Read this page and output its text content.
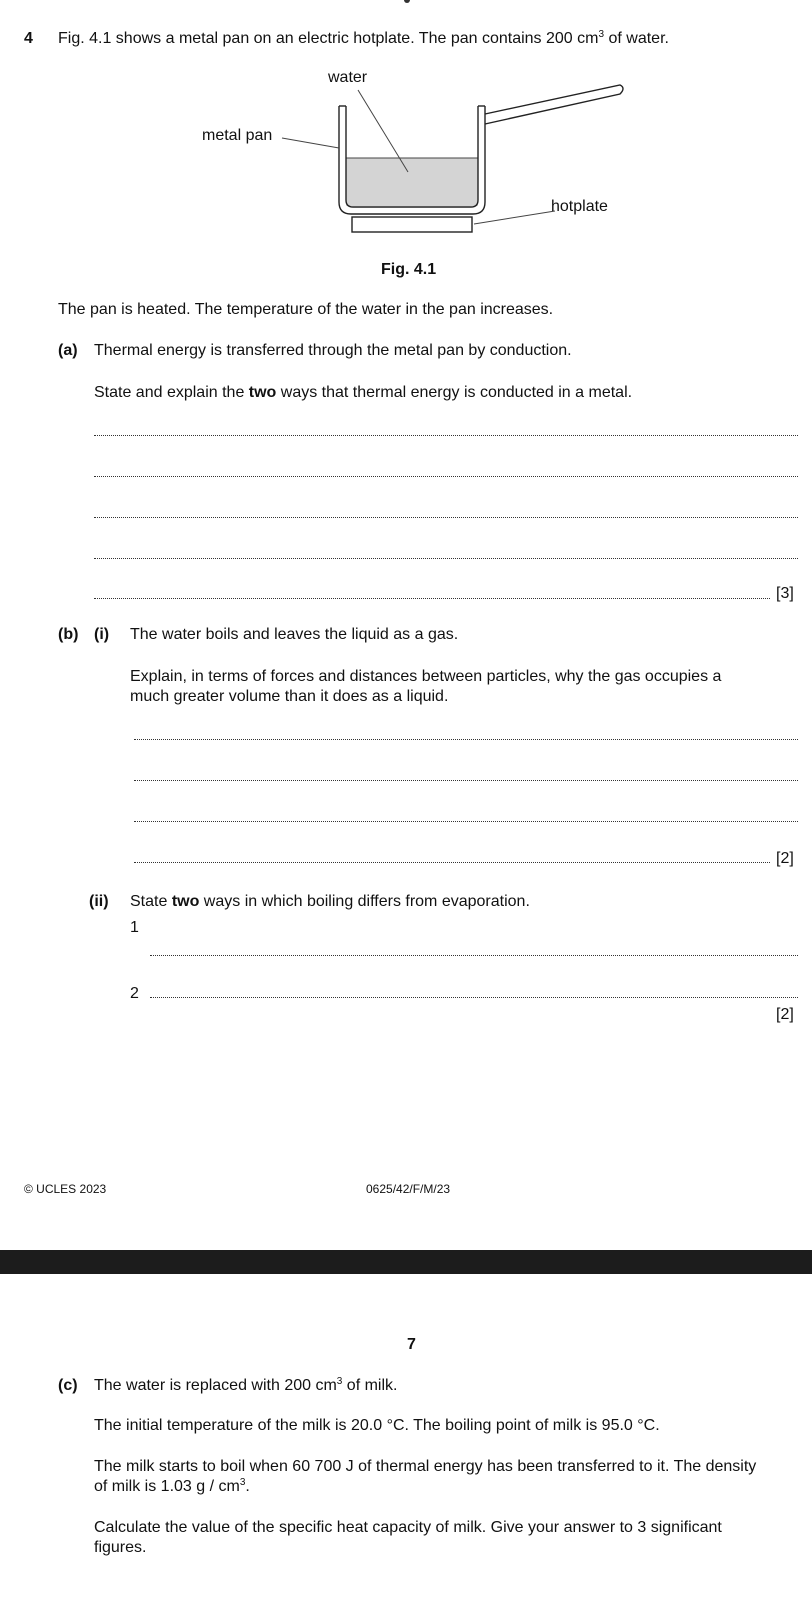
4 Fig. 4.1 shows a metal pan on an electric hotplate. The pan contains 200 $cm^3$ of water.
water
metal pan
hotplate
Fig. 4.1
The pan is heated. The temperature of the water in the pan increases.
(a) Thermal energy is transferred through the metal pan by conduction.
State and explain the two ways that thermal energy is conducted in a metal.
[3]
(b) (i) The water boils and leaves the liquid as a gas.
Explain, in terms of forces and distances between particles, why the gas occupies a
much greater volume than it does as a liquid.
[2]
(ii) State two ways in which boiling differs from evaporation.
1
2
[2]
© UCLES 2023	0625/42/F/M/23
7
(c) The water is replaced with 200 $cm^3$ of milk.
The initial temperature of the milk is 20.0 °C. The boiling point of milk is 95.0 °C.
The milk starts to boil when 60 700 J of thermal energy has been transferred to it. The density
of milk is 1.03 g / $cm^3$.
Calculate the value of the specific heat capacity of milk. Give your answer to 3 significant
figures.
